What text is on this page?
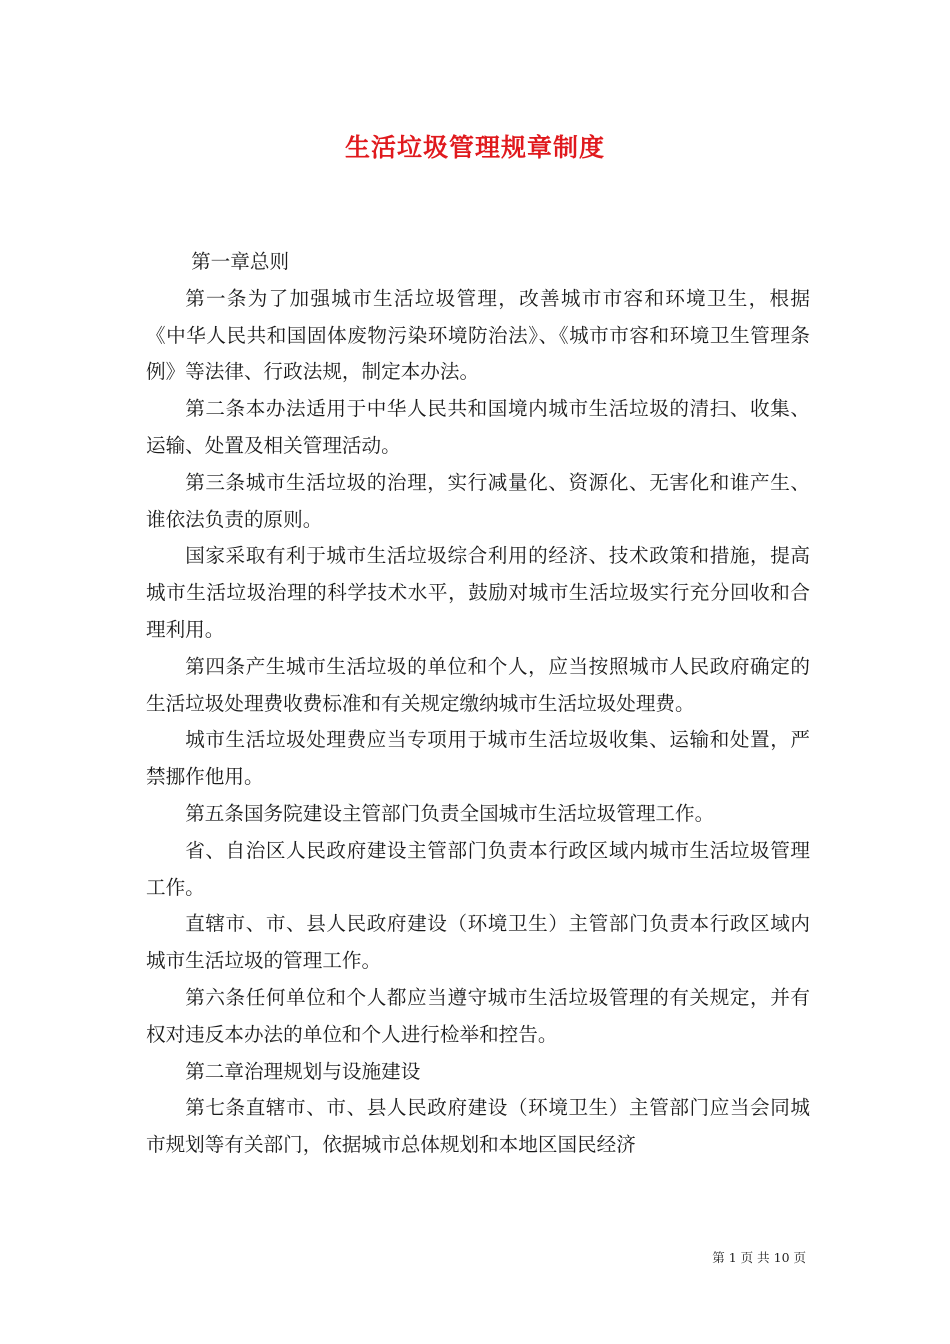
生活垃圾管理规章制度

第一章总则

第一条为了加强城市生活垃圾管理，改善城市市容和环境卫生，根据《中华人民共和国固体废物污染环境防治法》、《城市市容和环境卫生管理条例》等法律、行政法规，制定本办法。

第二条本办法适用于中华人民共和国境内城市生活垃圾的清扫、收集、运输、处置及相关管理活动。

第三条城市生活垃圾的治理，实行减量化、资源化、无害化和谁产生、谁依法负责的原则。

国家采取有利于城市生活垃圾综合利用的经济、技术政策和措施，提高城市生活垃圾治理的科学技术水平，鼓励对城市生活垃圾实行充分回收和合理利用。

第四条产生城市生活垃圾的单位和个人，应当按照城市人民政府确定的生活垃圾处理费收费标准和有关规定缴纳城市生活垃圾处理费。

城市生活垃圾处理费应当专项用于城市生活垃圾收集、运输和处置，严禁挪作他用。

第五条国务院建设主管部门负责全国城市生活垃圾管理工作。

省、自治区人民政府建设主管部门负责本行政区域内城市生活垃圾管理工作。

直辖市、市、县人民政府建设（环境卫生）主管部门负责本行政区域内城市生活垃圾的管理工作。

第六条任何单位和个人都应当遵守城市生活垃圾管理的有关规定，并有权对违反本办法的单位和个人进行检举和控告。

第二章治理规划与设施建设

第七条直辖市、市、县人民政府建设（环境卫生）主管部门应当会同城市规划等有关部门，依据城市总体规划和本地区国民经济

第 1 页 共 10 页
